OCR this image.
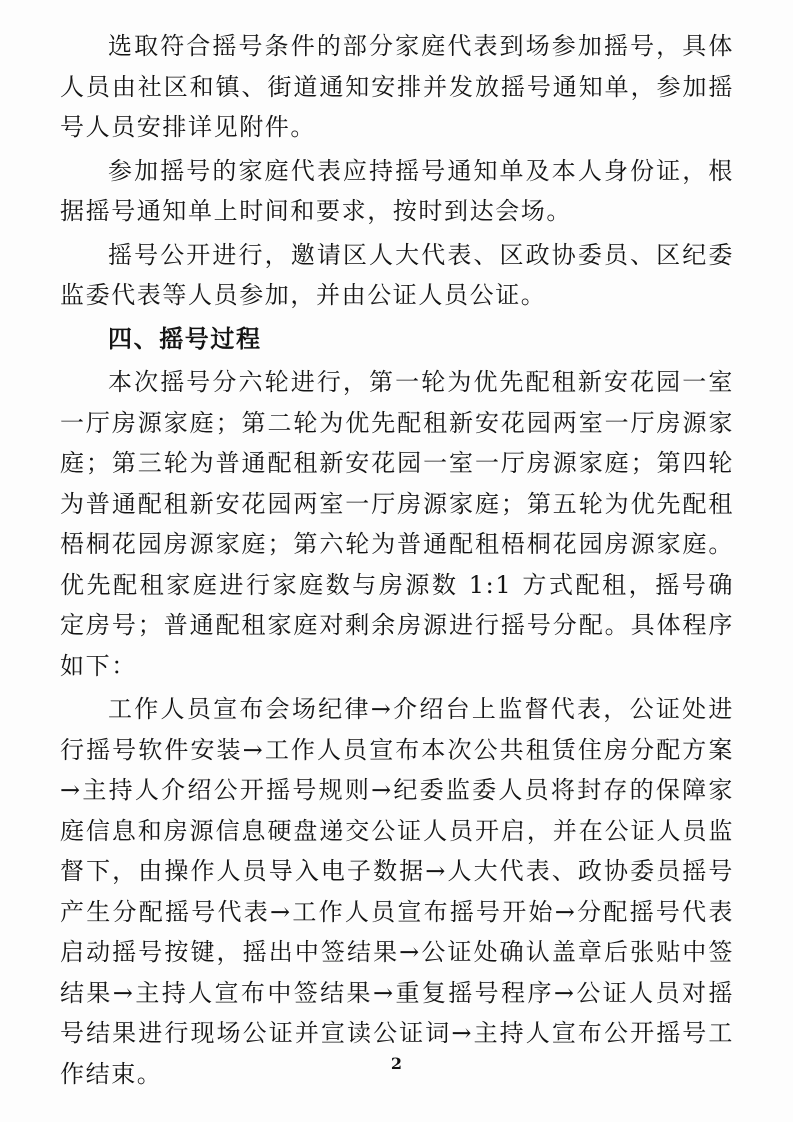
选取符合摇号条件的部分家庭代表到场参加摇号，具体人员由社区和镇、街道通知安排并发放摇号通知单，参加摇号人员安排详见附件。

参加摇号的家庭代表应持摇号通知单及本人身份证，根据摇号通知单上时间和要求，按时到达会场。

摇号公开进行，邀请区人大代表、区政协委员、区纪委监委代表等人员参加，并由公证人员公证。

四、摇号过程

本次摇号分六轮进行，第一轮为优先配租新安花园一室一厅房源家庭；第二轮为优先配租新安花园两室一厅房源家庭；第三轮为普通配租新安花园一室一厅房源家庭；第四轮为普通配租新安花园两室一厅房源家庭；第五轮为优先配租梧桐花园房源家庭；第六轮为普通配租梧桐花园房源家庭。优先配租家庭进行家庭数与房源数 1:1 方式配租，摇号确定房号；普通配租家庭对剩余房源进行摇号分配。具体程序如下：

工作人员宣布会场纪律→介绍台上监督代表，公证处进行摇号软件安装→工作人员宣布本次公共租赁住房分配方案→主持人介绍公开摇号规则→纪委监委人员将封存的保障家庭信息和房源信息硬盘递交公证人员开启，并在公证人员监督下，由操作人员导入电子数据→人大代表、政协委员摇号产生分配摇号代表→工作人员宣布摇号开始→分配摇号代表启动摇号按键，摇出中签结果→公证处确认盖章后张贴中签结果→主持人宣布中签结果→重复摇号程序→公证人员对摇号结果进行现场公证并宣读公证词→主持人宣布公开摇号工作结束。	2
